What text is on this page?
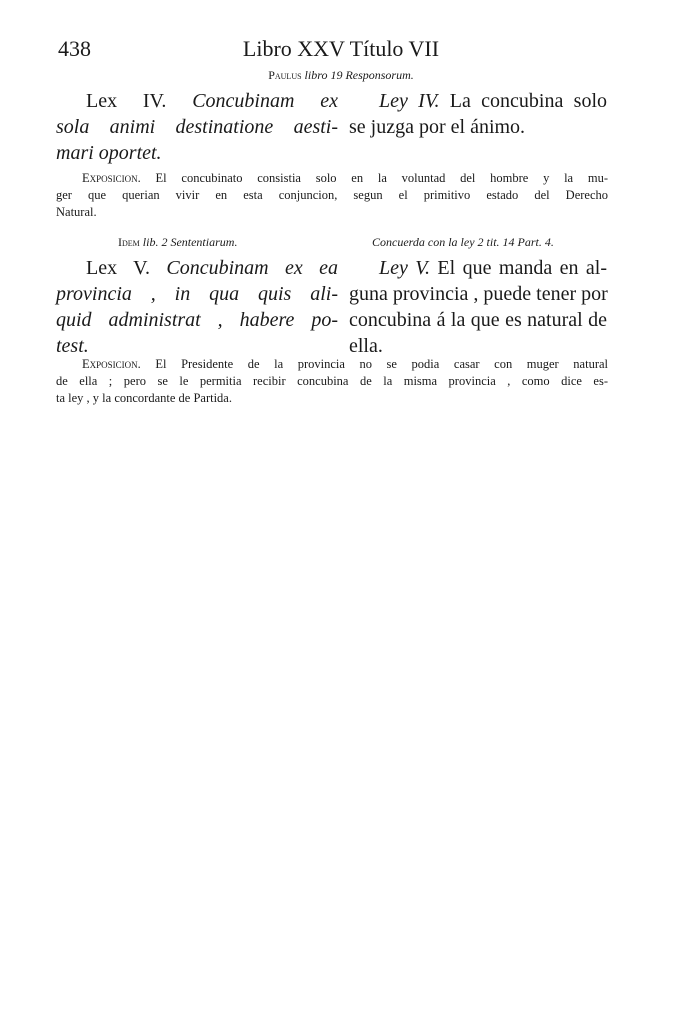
438	Libro XXV Título VII
Paulus libro 19 Responsorum.
Lex IV. Concubinam ex
sola animi destinatione aesti-
mari oportet.
Ley IV. La concubina solo
se juzga por el ánimo.
Exposicion. El concubinato consistia solo en la voluntad del hombre y la mu-
ger que querian vivir en esta conjuncion, segun el primitivo estado del Derecho
Natural.
Idem lib. 2 Sententiarum.	Concuerda con la ley 2 tit. 14 Part. 4.
Lex V. Concubinam ex ea
provincia , in qua quis ali-
quid administrat , habere po-
test.
Ley V. El que manda en al-
guna provincia , puede tener por
concubina á la que es natural de
ella.
Exposicion. El Presidente de la provincia no se podia casar con muger natural
de ella ; pero se le permitia recibir concubina de la misma provincia , como dice es-
ta ley , y la concordante de Partida.
